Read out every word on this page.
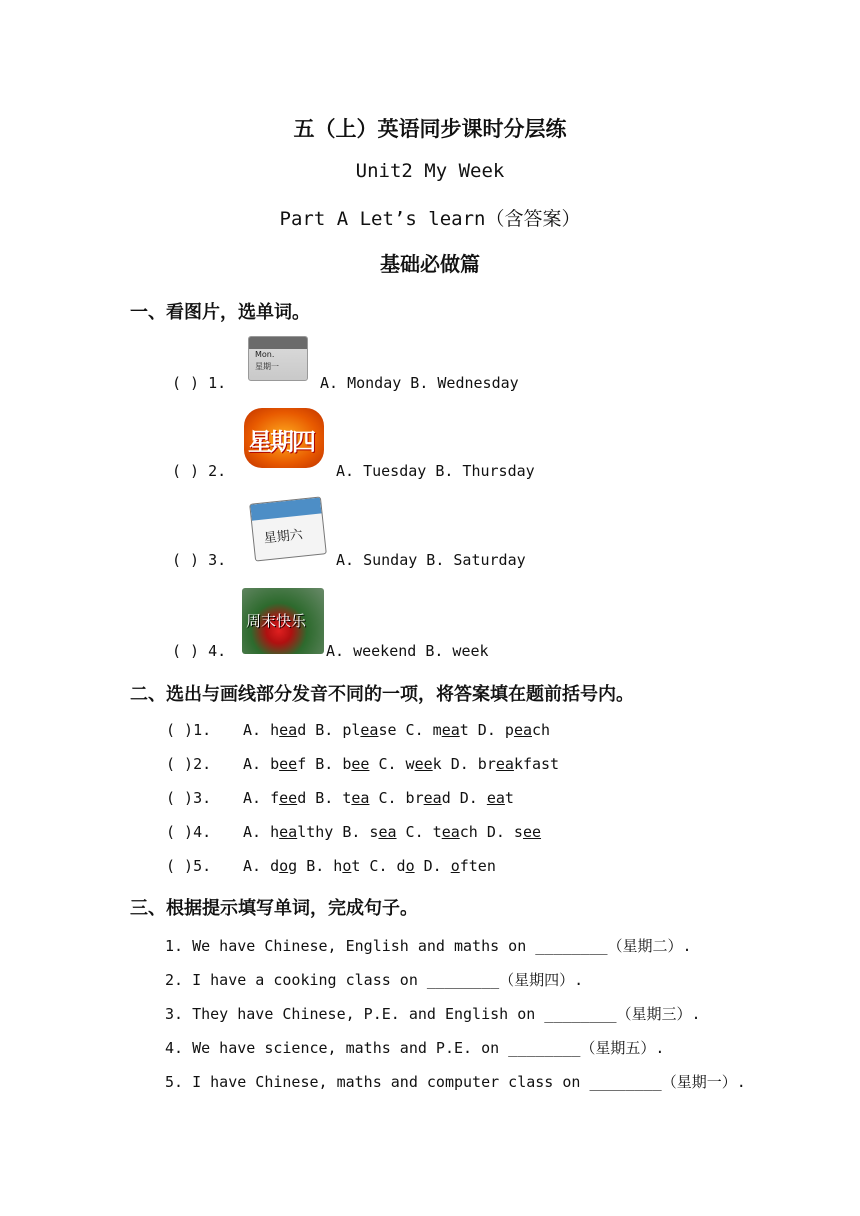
五（上）英语同步课时分层练
Unit2 My Week
Part A Let’s learn（含答案）
基础必做篇
一、看图片，选单词。
Mon.
星期一
( ) 1.	A. Monday B. Wednesday
星期四
( ) 2.	A. Tuesday B. Thursday
星期六
( ) 3.	A. Sunday B. Saturday
周末快乐
( ) 4.	A. weekend B. week
二、选出与画线部分发音不同的一项，将答案填在题前括号内。
( )1. A. head B. please C. meat D. peach
( )2. A. beef B. bee C. week D. breakfast
( )3. A. feed B. tea C. bread D. eat
( )4. A. healthy B. sea C. teach D. see
( )5. A. dog B. hot C. do D. often
三、根据提示填写单词，完成句子。
1. We have Chinese, English and maths on ________（星期二）.
2. I have a cooking class on ________（星期四）.
3. They have Chinese, P.E. and English on ________（星期三）.
4. We have science, maths and P.E. on ________（星期五）.
5. I have Chinese, maths and computer class on ________（星期一）.
